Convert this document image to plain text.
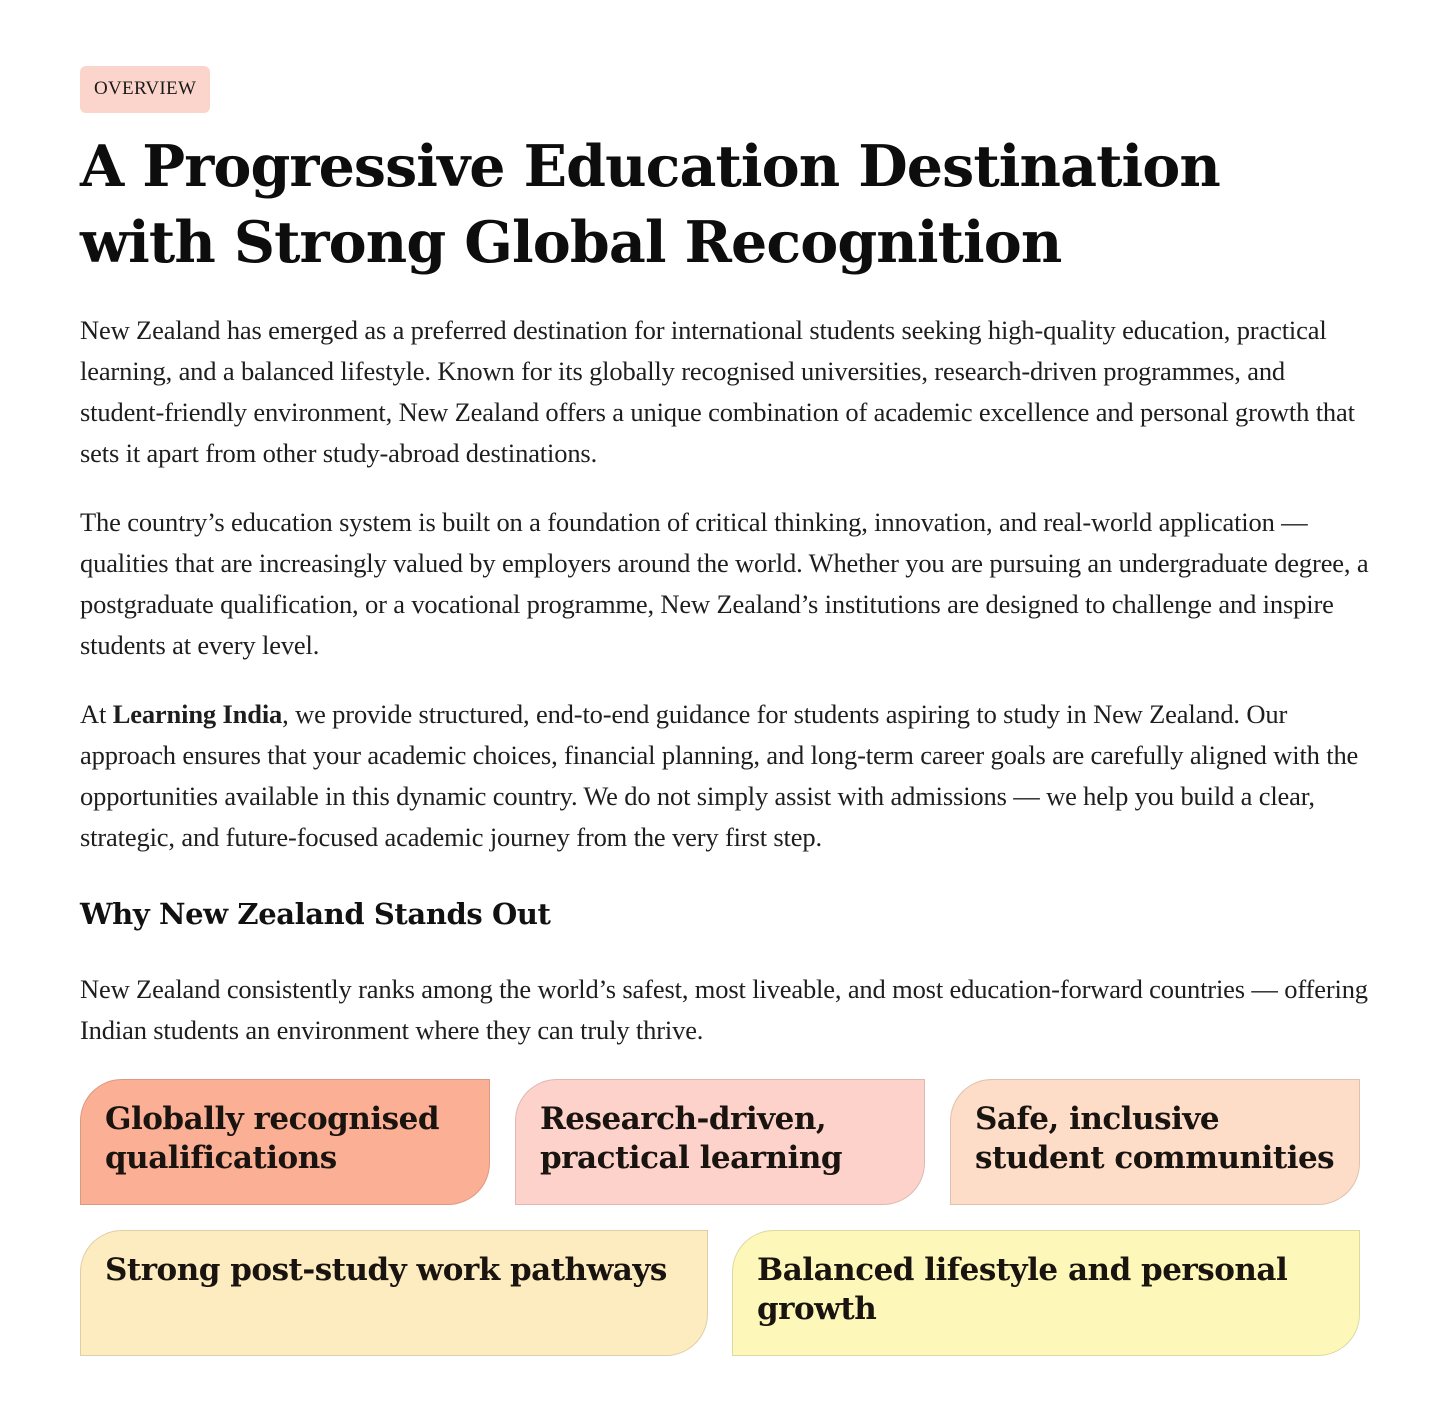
OVERVIEW
A Progressive Education Destination with Strong Global Recognition

New Zealand has emerged as a preferred destination for international students seeking high-quality education, practical learning, and a balanced lifestyle. Known for its globally recognised universities, research-driven programmes, and student-friendly environment, New Zealand offers a unique combination of academic excellence and personal growth that sets it apart from other study-abroad destinations.

The country’s education system is built on a foundation of critical thinking, innovation, and real-world application — qualities that are increasingly valued by employers around the world. Whether you are pursuing an undergraduate degree, a postgraduate qualification, or a vocational programme, New Zealand’s institutions are designed to challenge and inspire students at every level.

At Learning India, we provide structured, end-to-end guidance for students aspiring to study in New Zealand. Our approach ensures that your academic choices, financial planning, and long-term career goals are carefully aligned with the opportunities available in this dynamic country. We do not simply assist with admissions — we help you build a clear, strategic, and future-focused academic journey from the very first step.

Why New Zealand Stands Out

New Zealand consistently ranks among the world’s safest, most liveable, and most education-forward countries — offering Indian students an environment where they can truly thrive.

Globally recognised qualifications
Research-driven, practical learning
Safe, inclusive student communities
Strong post-study work pathways	Balanced lifestyle and personal growth
